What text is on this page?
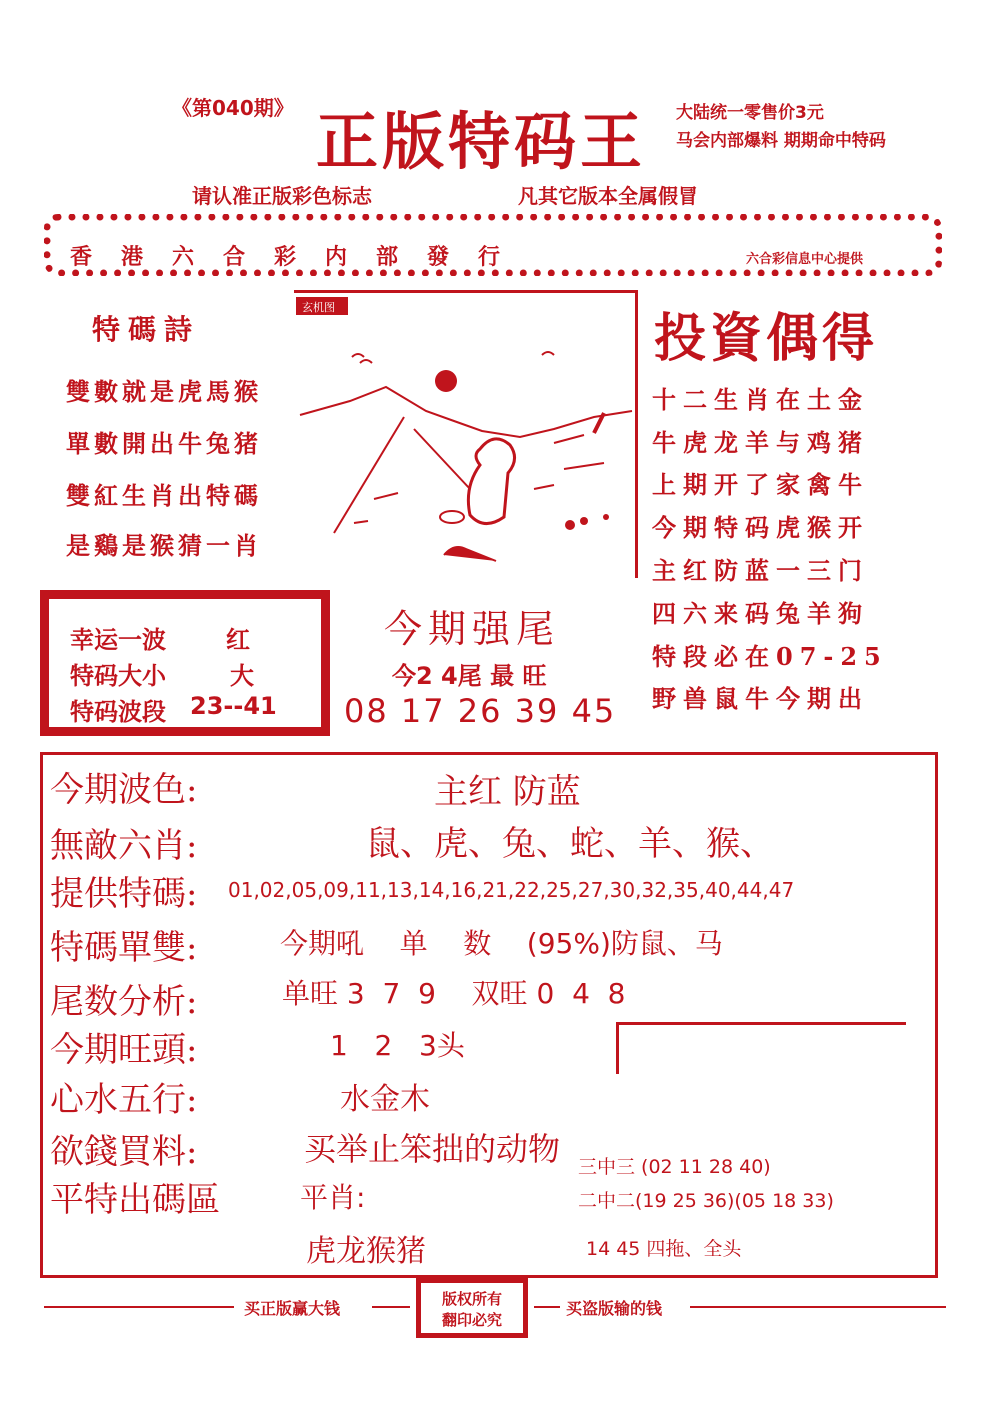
《第040期》 正版特码王 大陆统一零售价3元
马会内部爆料 期期命中特码
请认准正版彩色标志	凡其它版本全属假冒
香港六合彩内部發行	六合彩信息中心提供
特碼詩
雙數就是虎馬猴
單數開出牛兔猪
雙紅生肖出特碼
是鷄是猴猜一肖
玄机图
投資偶得
十二生肖在土金
牛虎龙羊与鸡猪
上期开了家禽牛
今期特码虎猴开
主红防蓝一三门
四六来码兔羊狗
特段必在07-25
野兽鼠牛今期出
幸运一波	红
特码大小	大
特码波段 23--41
今期强尾
今2 4尾 最 旺
08 17 26 39 45
今期波色:	主红 防蓝
無敵六肖:	鼠、虎、兔、蛇、羊、猴、
提供特碼: 01,02,05,09,11,13,14,16,21,22,25,27,30,32,35,40,44,47
特碼單雙:	今期吼    单    数    (95%)防鼠、马
尾数分析:	单旺 3  7  9    双旺 0  4  8
今期旺頭:	1   2   3头
心水五行:	水金木
欲錢買料:	买举止笨拙的动物
平特出碼區	平肖:
虎龙猴猪
三中三 (02 11 28 40)
二中二(19 25 36)(05 18 33)
14 45 四拖、全头
买正版赢大钱	版权所有
翻印必究
买盗版输的钱
